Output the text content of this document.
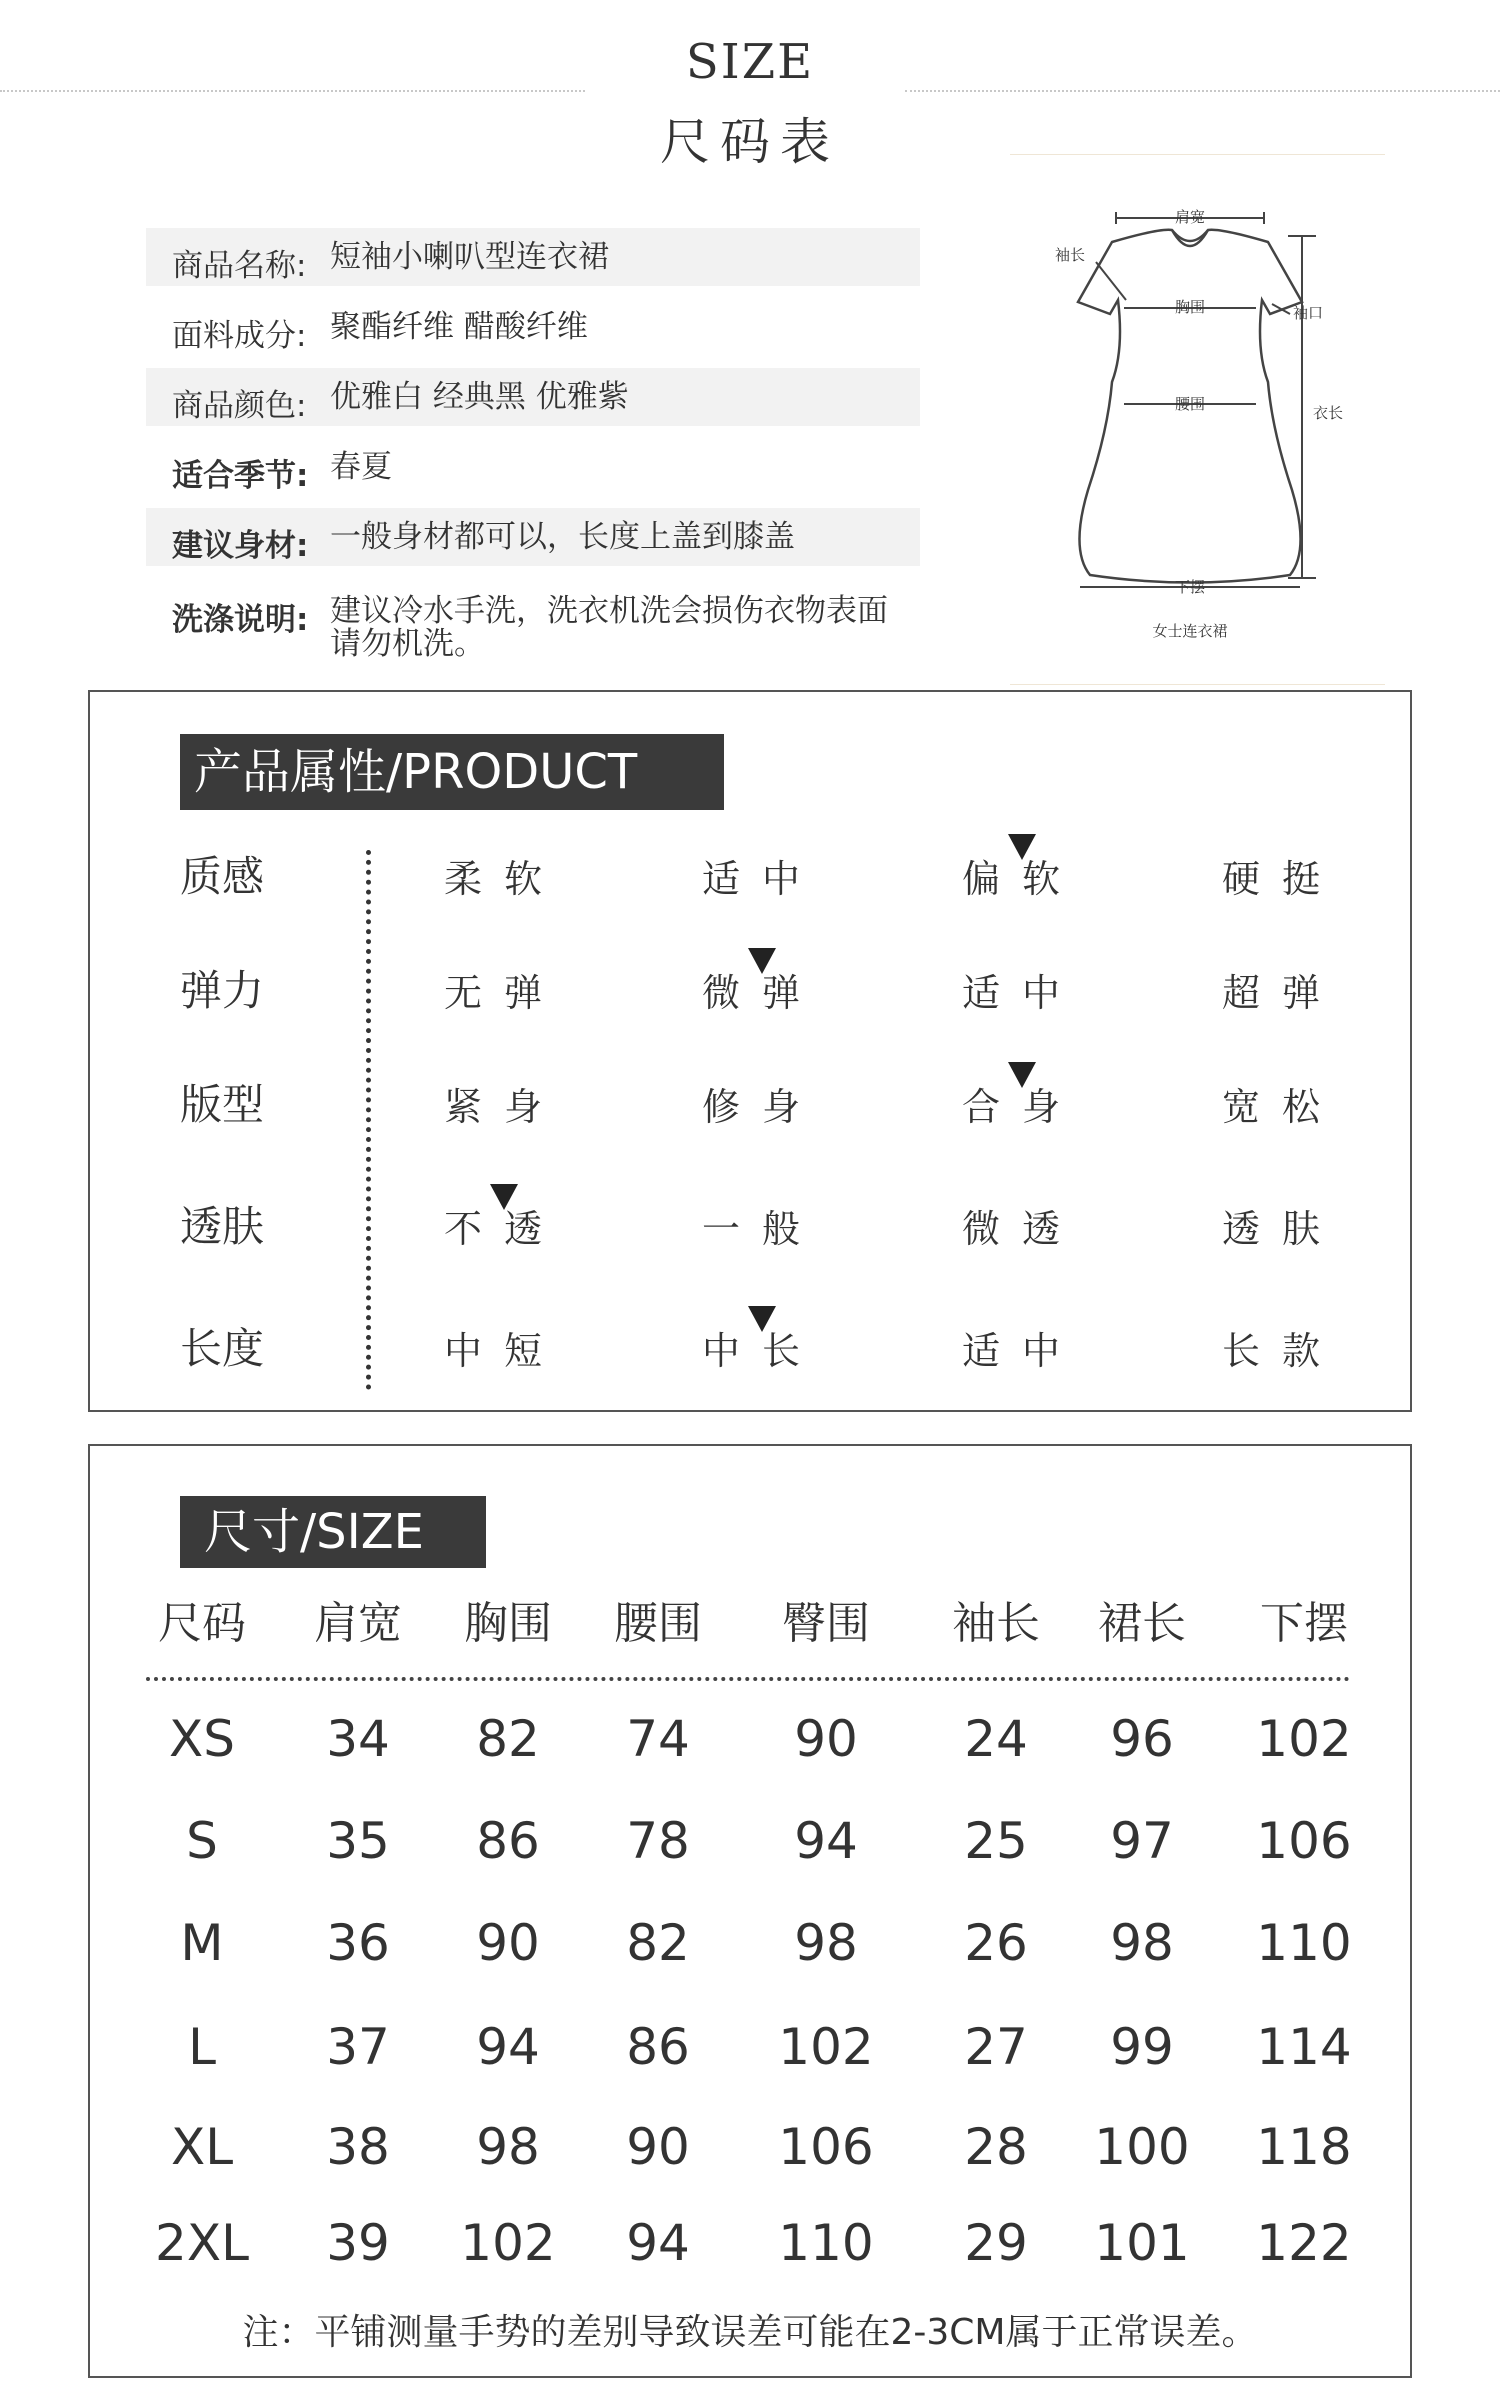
SIZE
尺码表
商品名称: 短袖小喇叭型连衣裙
面料成分: 聚酯纤维 醋酸纤维
商品颜色: 优雅白 经典黑 优雅紫
适合季节: 春夏
建议身材: 一般身材都可以，长度上盖到膝盖
洗涤说明: 建议冷水手洗，洗衣机洗会损伤衣物表面
请勿机洗。
肩宽
袖长
胸围	袖口
衣长
腰围
下摆
女士连衣裙
产品属性/PRODUCT
质感	柔软	适中	偏软	硬挺
弹力	无弹	微弹	适中	超弹
版型	紧身	修身	合身	宽松
透肤	不透	一般	微透	透肤
长度	中短	中长	适中	长款
尺寸/SIZE
尺码	肩宽	胸围	腰围	臀围	袖长	裙长	下摆
XS	34	82	74	90	24	96	102
S	35	86	78	94	25	97	106
M	36	90	82	98	26	98	110
L	37	94	86	102	27	99	114
XL	38	98	90	106	28	100	118
2XL	39	102	94	110	29	101	122
注：平铺测量手势的差别导致误差可能在2-3CM属于正常误差。
